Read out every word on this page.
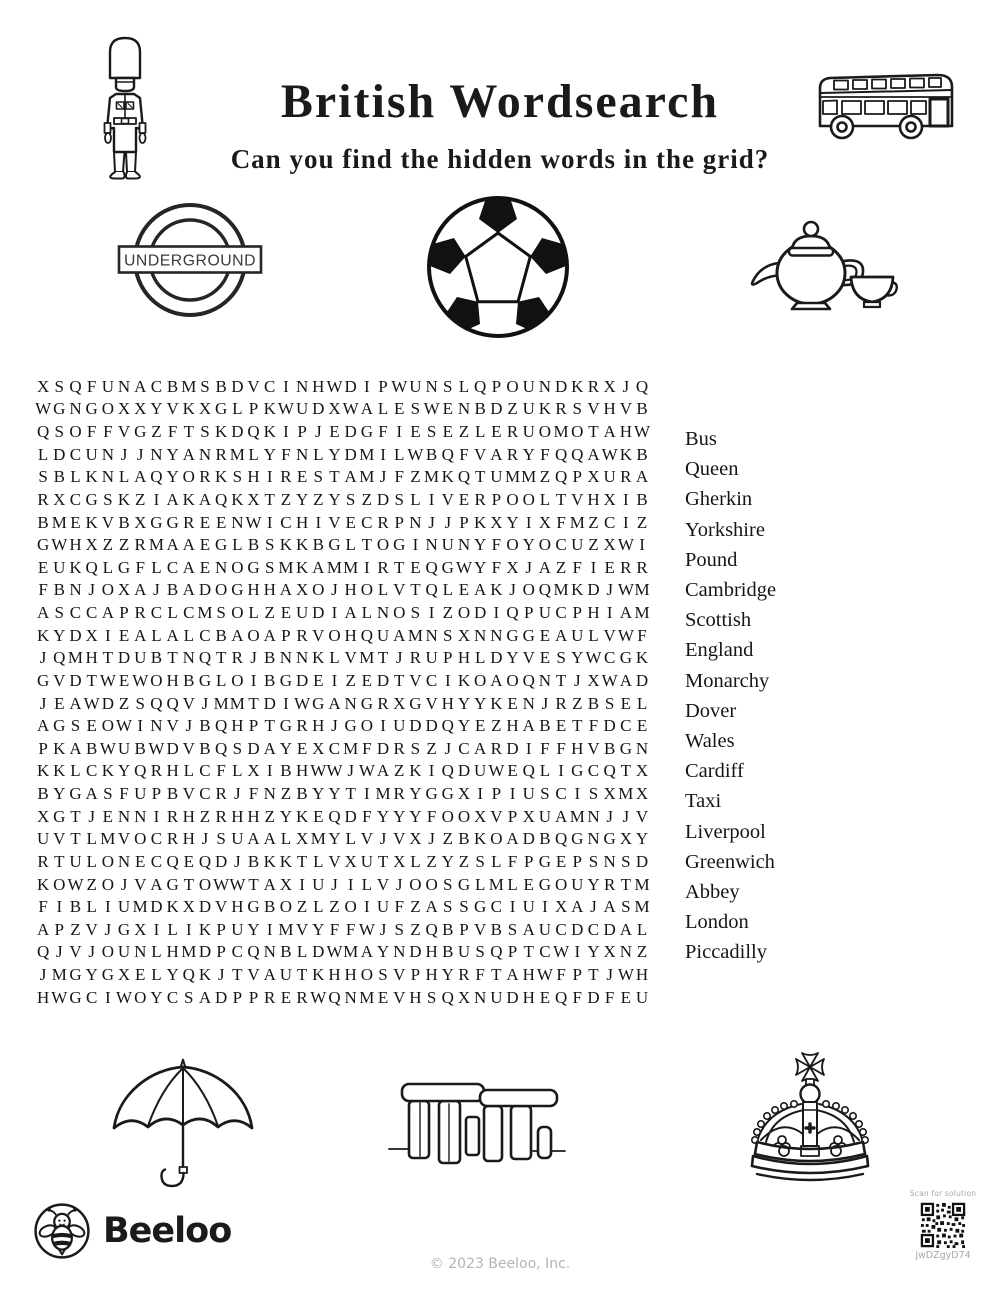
British Wordsearch
Can you find the hidden words in the grid?
UNDERGROUND
X S Q F U N A C B M S B D V C I N H W D I P W U N S L Q P O U N D K R X J Q
W G N G O X X Y V K X G L P K W U D X W A L E S W E N B D Z U K R S V H V B
Q S O F F V G Z F T S K D Q K I P J E D G F I E S E Z L E R U O M O T A H W
L D C U N J J N Y A N R M L Y F N L Y D M I L W B Q F V A R Y F Q Q A W K B
S B L K N L A Q Y O R K S H I R E S T A M J F Z M K Q T U M M Z Q P X U R A
R X C G S K Z I A K A Q K X T Z Y Z Y S Z D S L I V E R P O O L T V H X I B
B M E K V B X G G R E E N W I C H I V E C R P N J J P K X Y I X F M Z C I Z
G W H X Z Z R M A A E G L B S K K B G L T O G I N U N Y F O Y O C U Z X W I
E U K Q L G F L C A E N O G S M K A M M I R T E Q G W Y F X J A Z F I E R R
F B N J O X A J B A D O G H H A X O J H O L V T Q L E A K J O Q M K D J W M
A S C C A P R C L C M S O L Z E U D I A L N O S I Z O D I Q P U C P H I A M
K Y D X I E A L A L C B A O A P R V O H Q U A M N S X N N G G E A U L V W F
J Q M H T D U B T N Q T R J B N N K L V M T J R U P H L D Y V E S Y W C G K
G V D T W E W O H B G L O I B G D E I Z E D T V C I K O A O Q N T J X W A D
J E A W D Z S Q Q V J M M T D I W G A N G R X G V H Y Y K E N J R Z B S E L
A G S E O W I N V J B Q H P T G R H J G O I U D D Q Y E Z H A B E T F D C E
P K A B W U B W D V B Q S D A Y E X C M F D R S Z J C A R D I F F H V B G N
K K L C K Y Q R H L C F L X I B H W W J W A Z K I Q D U W E Q L I G C Q T X
B Y G A S F U P B V C R J F N Z B Y Y T I M R Y G G X I P I U S C I S X M X
X G T J E N N I R H Z R H H Z Y K E Q D F Y Y Y F O O X V P X U A M N J J V
U V T L M V O C R H J S U A A L X M Y L V J V X J Z B K O A D B Q G N G X Y
R T U L O N E C Q E Q D J B K K T L V X U T X L Z Y Z S L F P G E P S N S D
K O W Z O J V A G T O W W T A X I U J I L V J O O S G L M L E G O U Y R T M
F I B L I U M D K X D V H G B O Z L Z O I U F Z A S S G C I U I X A J A S M
A P Z V J G X I L I K P U Y I M V Y F F W J S Z Q B P V B S A U C D C D A L
Q J V J O U N L H M D P C Q N B L D W M A Y N D H B U S Q P T C W I Y X N Z
J M G Y G X E L Y Q K J T V A U T K H H O S V P H Y R F T A H W F P T J W H
H W G C I W O Y C S A D P P R E R W Q N M E V H S Q X N U D H E Q F D F E U
Bus
Queen
Gherkin
Yorkshire
Pound
Cambridge
Scottish
England
Monarchy
Dover
Wales
Cardiff
Taxi
Liverpool
Greenwich
Abbey
London
Piccadilly
Beeloo
© 2023 Beeloo, Inc.
Scan for solution
jwDZgyD74
